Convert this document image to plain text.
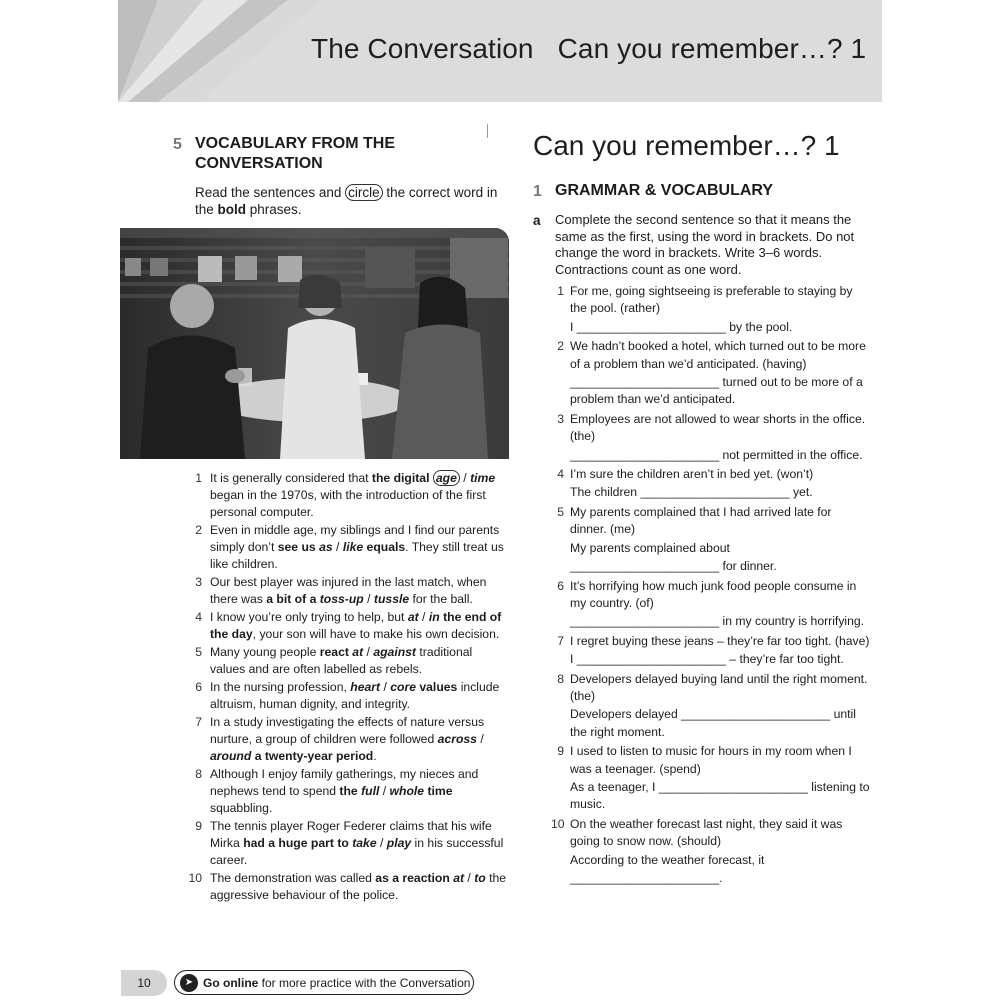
The Conversation Can you remember…? 1
5 VOCABULARY FROM THE
CONVERSATION
Read the sentences and circle the correct word in the bold phrases.
1 It is generally considered that the digital age / time began in the 1970s, with the introduction of the first personal computer.
2 Even in middle age, my siblings and I find our parents simply don’t see us as / like equals. They still treat us like children.
3 Our best player was injured in the last match, when there was a bit of a toss-up / tussle for the ball.
4 I know you’re only trying to help, but at / in the end of the day, your son will have to make his own decision.
5 Many young people react at / against traditional values and are often labelled as rebels.
6 In the nursing profession, heart / core values include altruism, human dignity, and integrity.
7 In a study investigating the effects of nature versus nurture, a group of children were followed across / around a twenty-year period.
8 Although I enjoy family gatherings, my nieces and nephews tend to spend the full / whole time squabbling.
9 The tennis player Roger Federer claims that his wife Mirka had a huge part to take / play in his successful career.
10 The demonstration was called as a reaction at / to the aggressive behaviour of the police.
Can you remember…? 1
1 GRAMMAR & VOCABULARY
a Complete the second sentence so that it means the same as the first, using the word in brackets. Do not change the word in brackets. Write 3–6 words. Contractions count as one word.
1 For me, going sightseeing is preferable to staying by the pool. (rather)

I ______________________ by the pool.

2 We hadn’t booked a hotel, which turned out to be more of a problem than we’d anticipated. (having)

______________________ turned out to be more of a problem than we’d anticipated.

3 Employees are not allowed to wear shorts in the office. (the)

______________________ not permitted in the office.

4 I’m sure the children aren’t in bed yet. (won’t)

The children ______________________ yet.

5 My parents complained that I had arrived late for dinner. (me)

My parents complained about

______________________ for dinner.

6 It’s horrifying how much junk food people consume in my country. (of)

______________________ in my country is horrifying.

7 I regret buying these jeans – they’re far too tight. (have)

I ______________________ – they’re far too tight.

8 Developers delayed buying land until the right moment. (the)

Developers delayed ______________________ until the right moment.

9 I used to listen to music for hours in my room when I was a teenager. (spend)

As a teenager, I ______________________ listening to music.

10 On the weather forecast last night, they said it was going to snow now. (should)

According to the weather forecast, it

______________________.

10	➤ Go online for more practice with the Conversation
